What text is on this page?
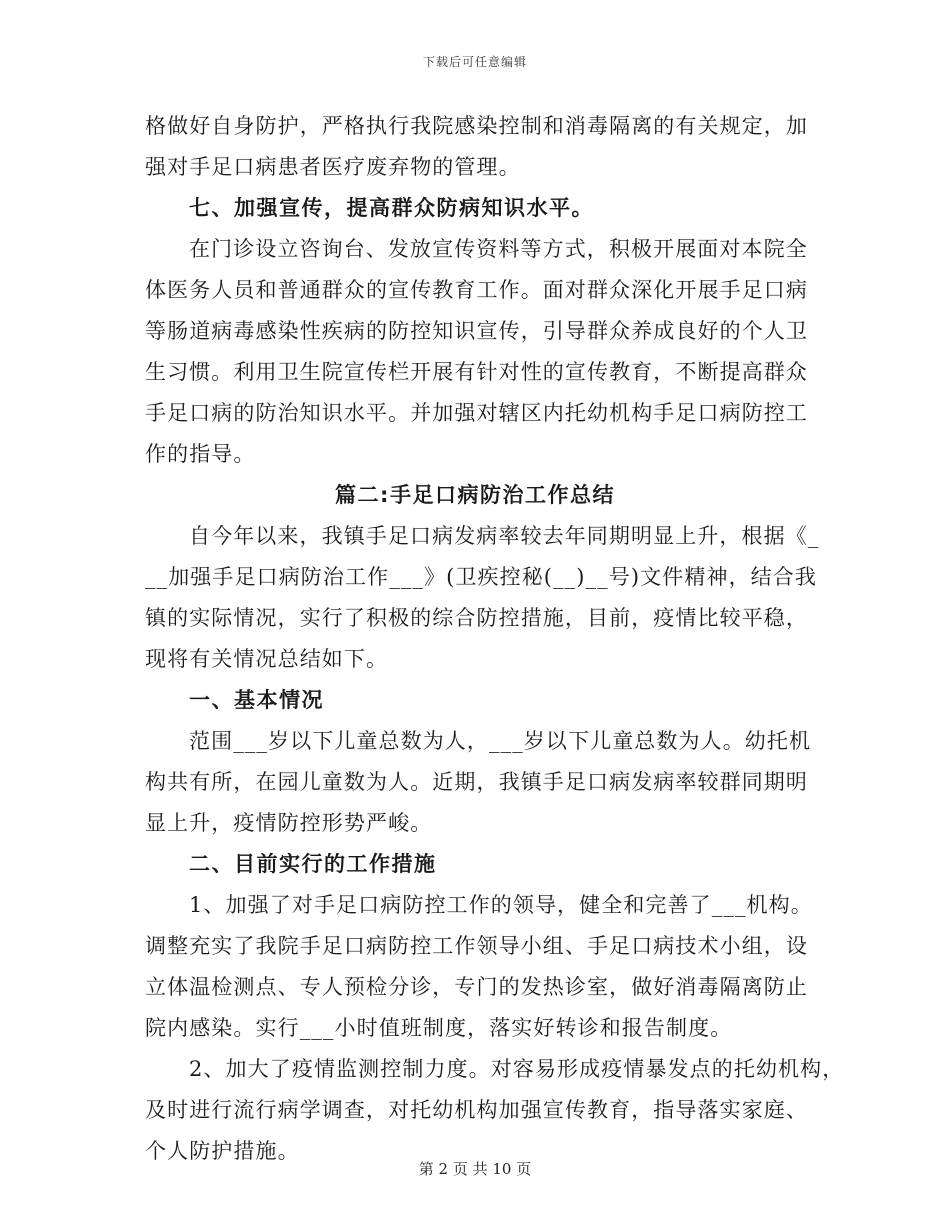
下载后可任意编辑
格做好自身防护，严格执行我院感染控制和消毒隔离的有关规定，加
强对手足口病患者医疗废弃物的管理。
七、加强宣传，提高群众防病知识水平。
在门诊设立咨询台、发放宣传资料等方式，积极开展面对本院全
体医务人员和普通群众的宣传教育工作。面对群众深化开展手足口病
等肠道病毒感染性疾病的防控知识宣传，引导群众养成良好的个人卫
生习惯。利用卫生院宣传栏开展有针对性的宣传教育，不断提高群众
手足口病的防治知识水平。并加强对辖区内托幼机构手足口病防控工
作的指导。
篇二:手足口病防治工作总结
自今年以来，我镇手足口病发病率较去年同期明显上升，根据《_
__加强手足口病防治工作___》(卫疾控秘(__)__号)文件精神，结合我
镇的实际情况，实行了积极的综合防控措施，目前，疫情比较平稳，
现将有关情况总结如下。
一、基本情况
范围___岁以下儿童总数为人，___岁以下儿童总数为人。幼托机
构共有所，在园儿童数为人。近期，我镇手足口病发病率较群同期明
显上升，疫情防控形势严峻。
二、目前实行的工作措施
1、加强了对手足口病防控工作的领导，健全和完善了___机构。
调整充实了我院手足口病防控工作领导小组、手足口病技术小组，设
立体温检测点、专人预检分诊，专门的发热诊室，做好消毒隔离防止
院内感染。实行___小时值班制度，落实好转诊和报告制度。
2、加大了疫情监测控制力度。对容易形成疫情暴发点的托幼机构，
及时进行流行病学调查，对托幼机构加强宣传教育，指导落实家庭、
个人防护措施。
第 2 页 共 10 页
